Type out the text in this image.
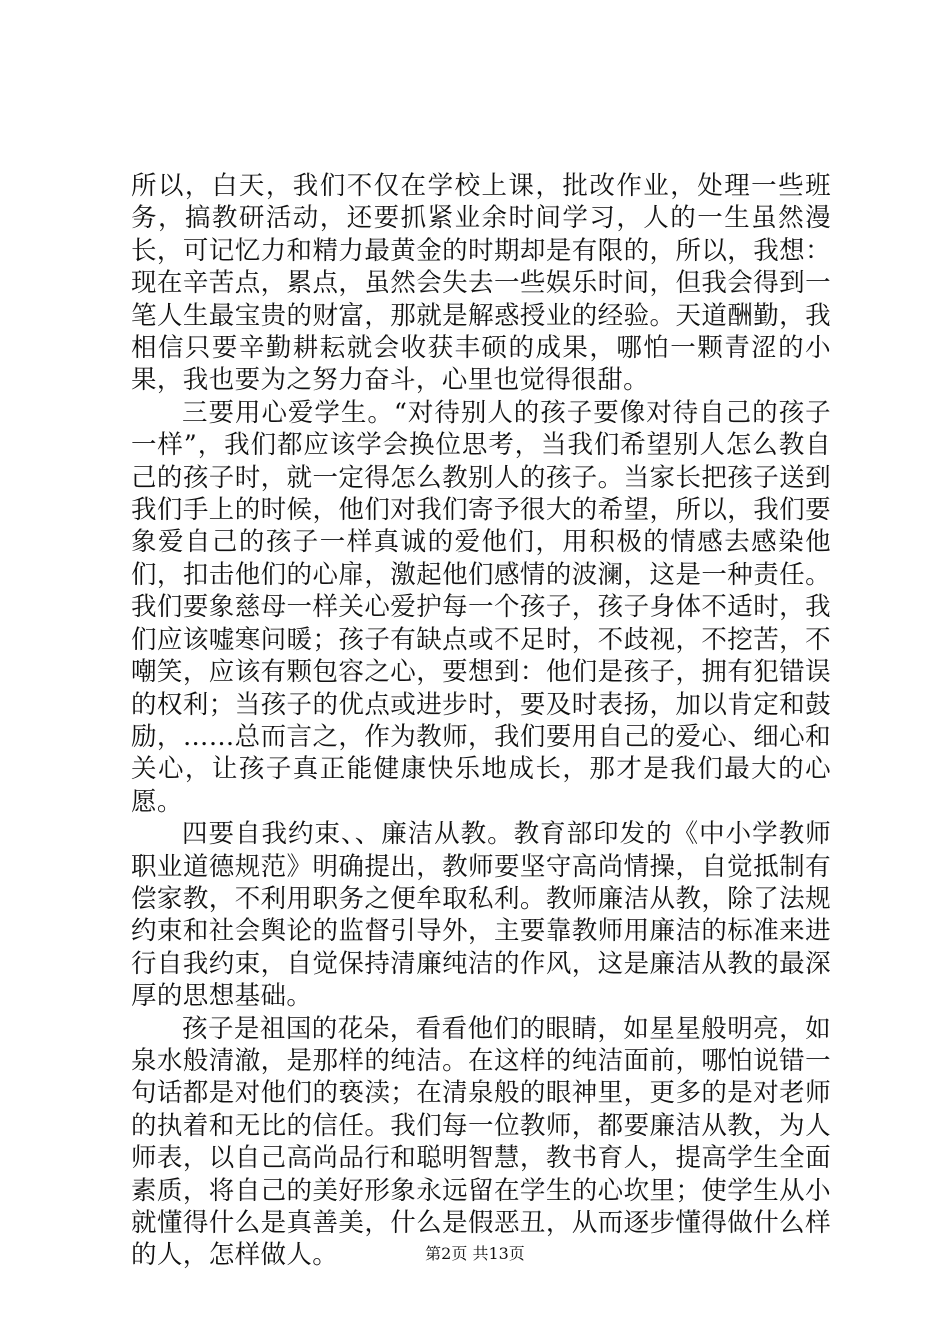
所以，白天，我们不仅在学校上课，批改作业，处理一些班务，搞教研活动，还要抓紧业余时间学习，人的一生虽然漫长，可记忆力和精力最黄金的时期却是有限的，所以，我想：现在辛苦点，累点，虽然会失去一些娱乐时间，但我会得到一笔人生最宝贵的财富，那就是解惑授业的经验。天道酬勤，我相信只要辛勤耕耘就会收获丰硕的成果，哪怕一颗青涩的小果，我也要为之努力奋斗，心里也觉得很甜。

三要用心爱学生。“对待别人的孩子要像对待自己的孩子一样”，我们都应该学会换位思考，当我们希望别人怎么教自己的孩子时，就一定得怎么教别人的孩子。当家长把孩子送到我们手上的时候，他们对我们寄予很大的希望，所以，我们要象爱自己的孩子一样真诚的爱他们，用积极的情感去感染他们，扣击他们的心扉，激起他们感情的波澜，这是一种责任。我们要象慈母一样关心爱护每一个孩子，孩子身体不适时，我们应该嘘寒问暖；孩子有缺点或不足时，不歧视，不挖苦，不嘲笑，应该有颗包容之心，要想到：他们是孩子，拥有犯错误的权利；当孩子的优点或进步时，要及时表扬，加以肯定和鼓励，……总而言之，作为教师，我们要用自己的爱心、细心和关心，让孩子真正能健康快乐地成长，那才是我们最大的心愿。

四要自我约束、、廉洁从教。教育部印发的《中小学教师职业道德规范》明确提出，教师要坚守高尚情操，自觉抵制有偿家教，不利用职务之便牟取私利。教师廉洁从教，除了法规约束和社会舆论的监督引导外，主要靠教师用廉洁的标准来进行自我约束，自觉保持清廉纯洁的作风，这是廉洁从教的最深厚的思想基础。

孩子是祖国的花朵，看看他们的眼睛，如星星般明亮，如泉水般清澈，是那样的纯洁。在这样的纯洁面前，哪怕说错一句话都是对他们的亵渎；在清泉般的眼神里，更多的是对老师的执着和无比的信任。我们每一位教师，都要廉洁从教，为人师表，以自己高尚品行和聪明智慧，教书育人，提高学生全面素质，将自己的美好形象永远留在学生的心坎里；使学生从小就懂得什么是真善美，什么是假恶丑，从而逐步懂得做什么样的人，怎样做人。	第2页 共13页
